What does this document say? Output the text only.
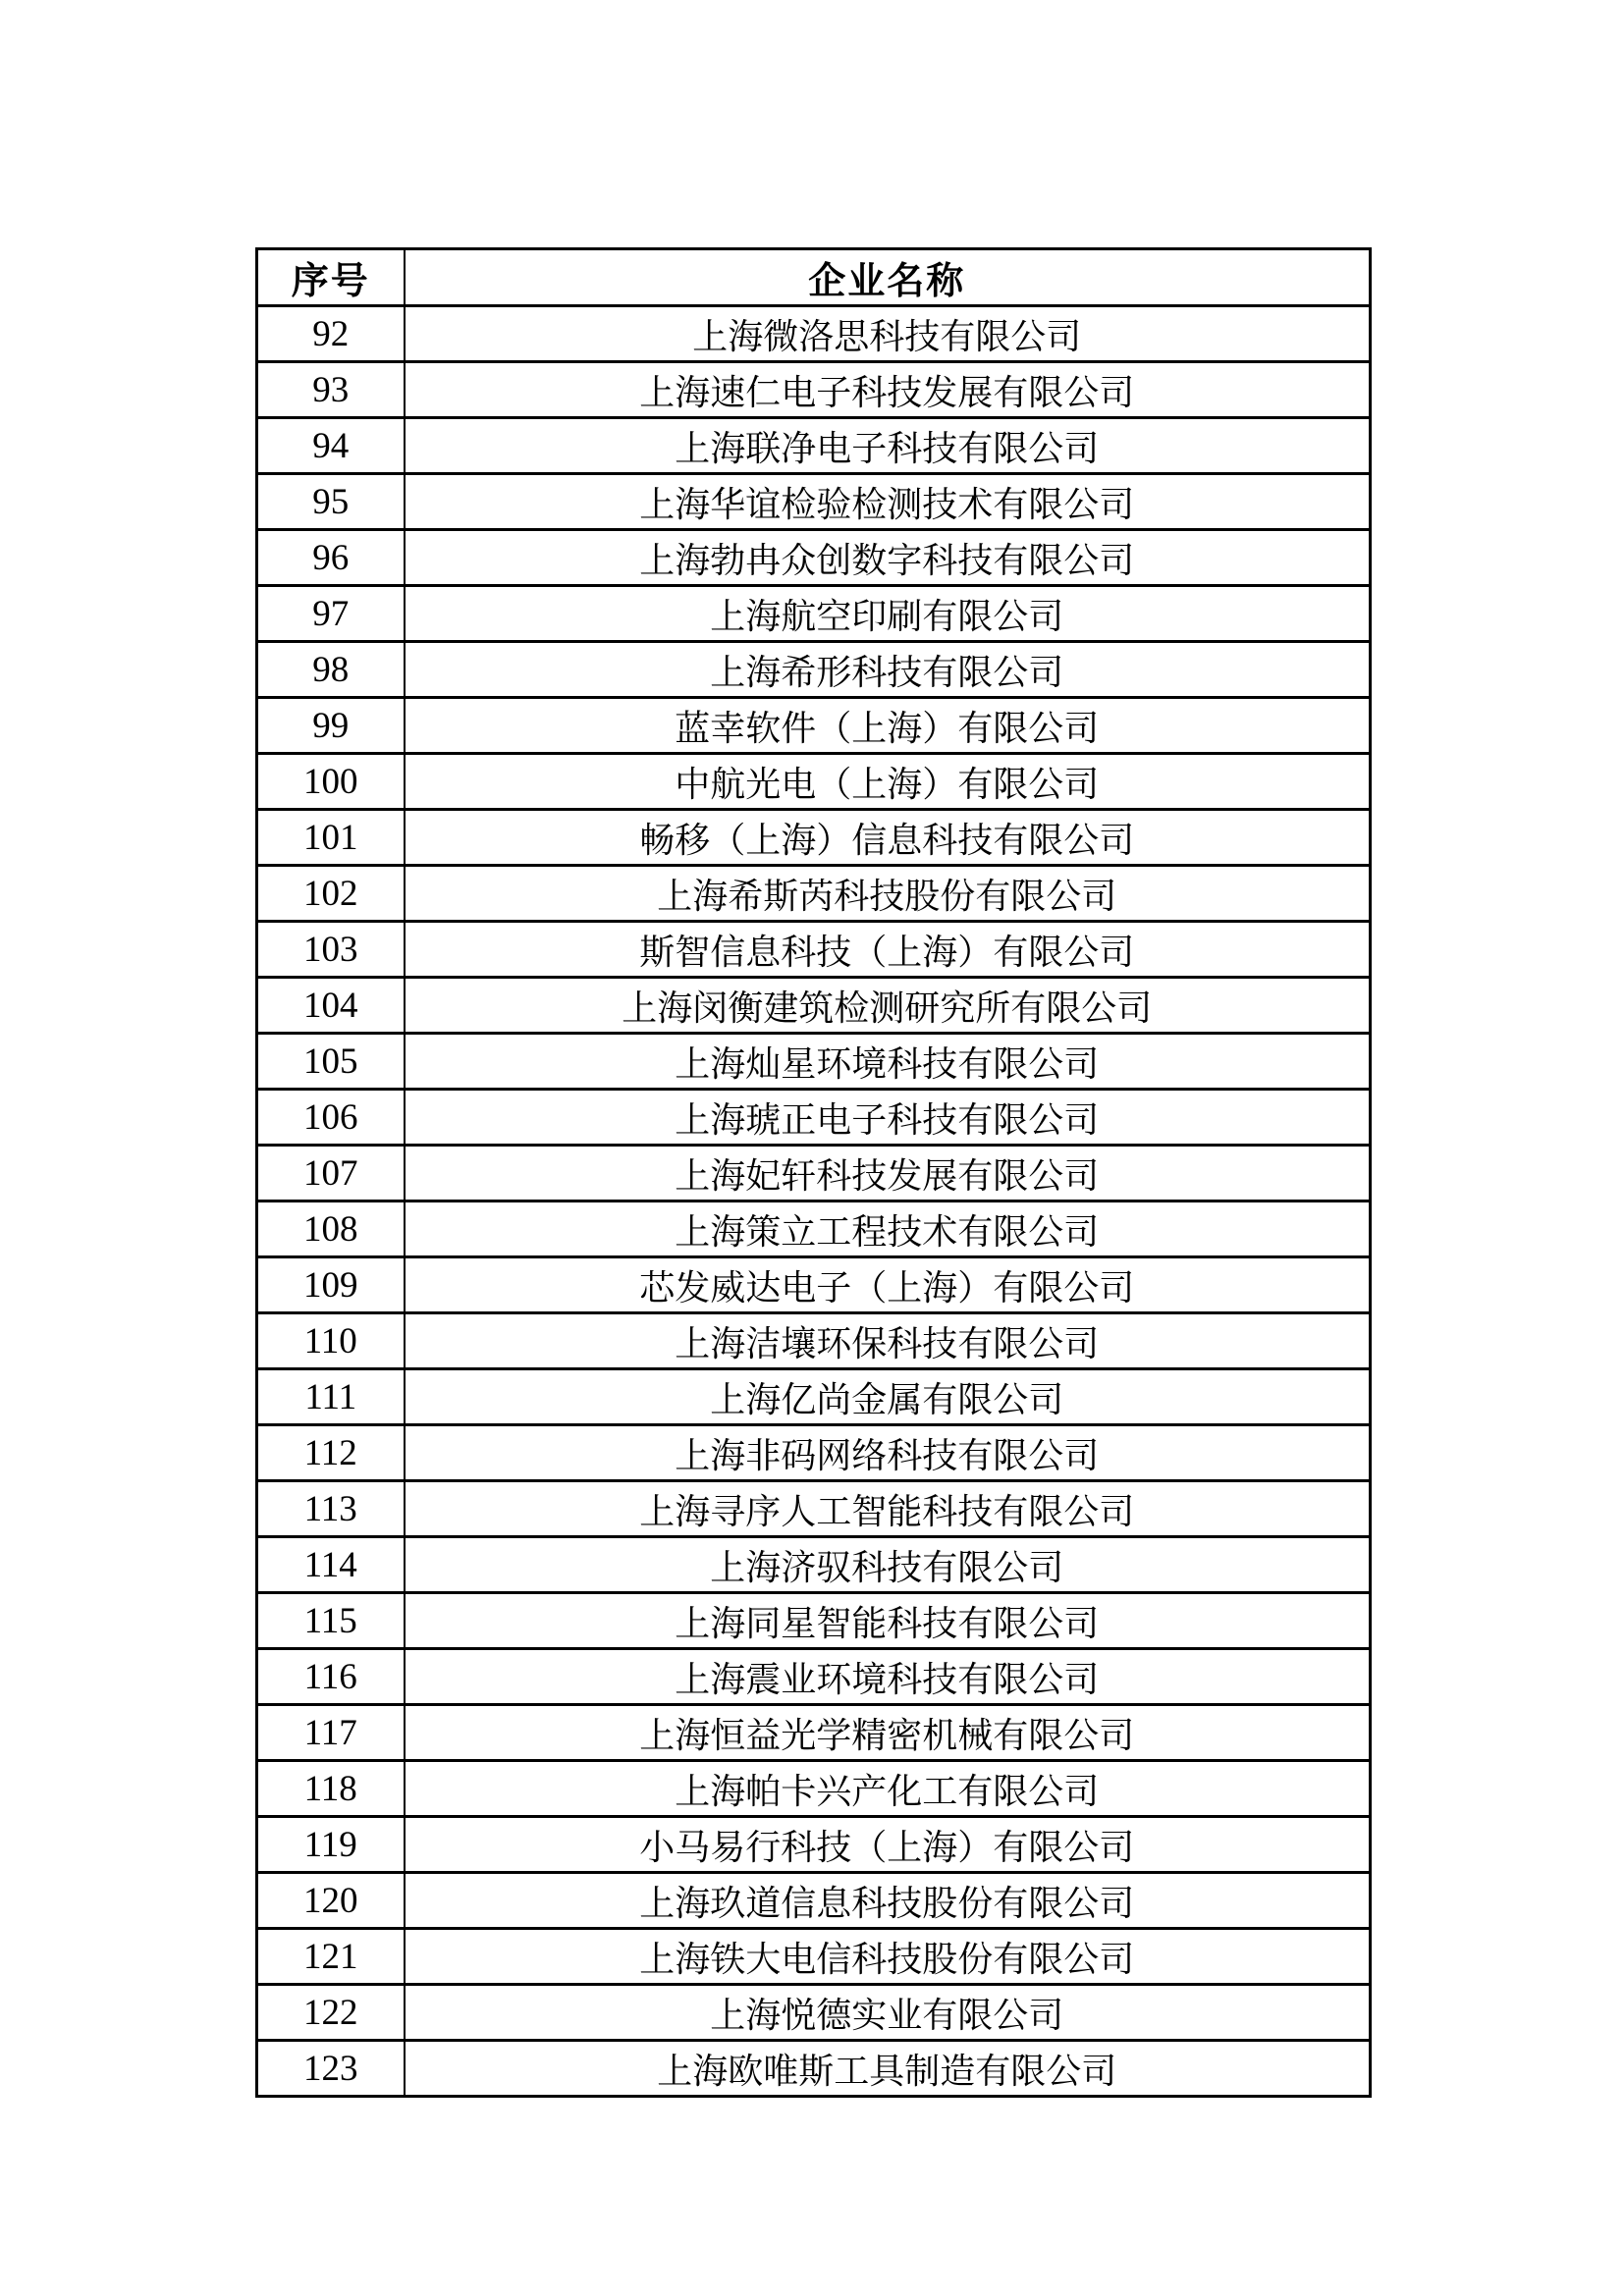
序号	企业名称
92	上海微洛思科技有限公司
93	上海速仁电子科技发展有限公司
94	上海联净电子科技有限公司
95	上海华谊检验检测技术有限公司
96	上海勃冉众创数字科技有限公司
97	上海航空印刷有限公司
98	上海希形科技有限公司
99	蓝幸软件（上海）有限公司
100	中航光电（上海）有限公司
101	畅移（上海）信息科技有限公司
102	上海希斯芮科技股份有限公司
103	斯智信息科技（上海）有限公司
104	上海闵衡建筑检测研究所有限公司
105	上海灿星环境科技有限公司
106	上海琥正电子科技有限公司
107	上海妃轩科技发展有限公司
108	上海策立工程技术有限公司
109	芯发威达电子（上海）有限公司
110	上海洁壤环保科技有限公司
111	上海亿尚金属有限公司
112	上海非码网络科技有限公司
113	上海寻序人工智能科技有限公司
114	上海济驭科技有限公司
115	上海同星智能科技有限公司
116	上海震业环境科技有限公司
117	上海恒益光学精密机械有限公司
118	上海帕卡兴产化工有限公司
119	小马易行科技（上海）有限公司
120	上海玖道信息科技股份有限公司
121	上海铁大电信科技股份有限公司
122	上海悦德实业有限公司
123	上海欧唯斯工具制造有限公司
